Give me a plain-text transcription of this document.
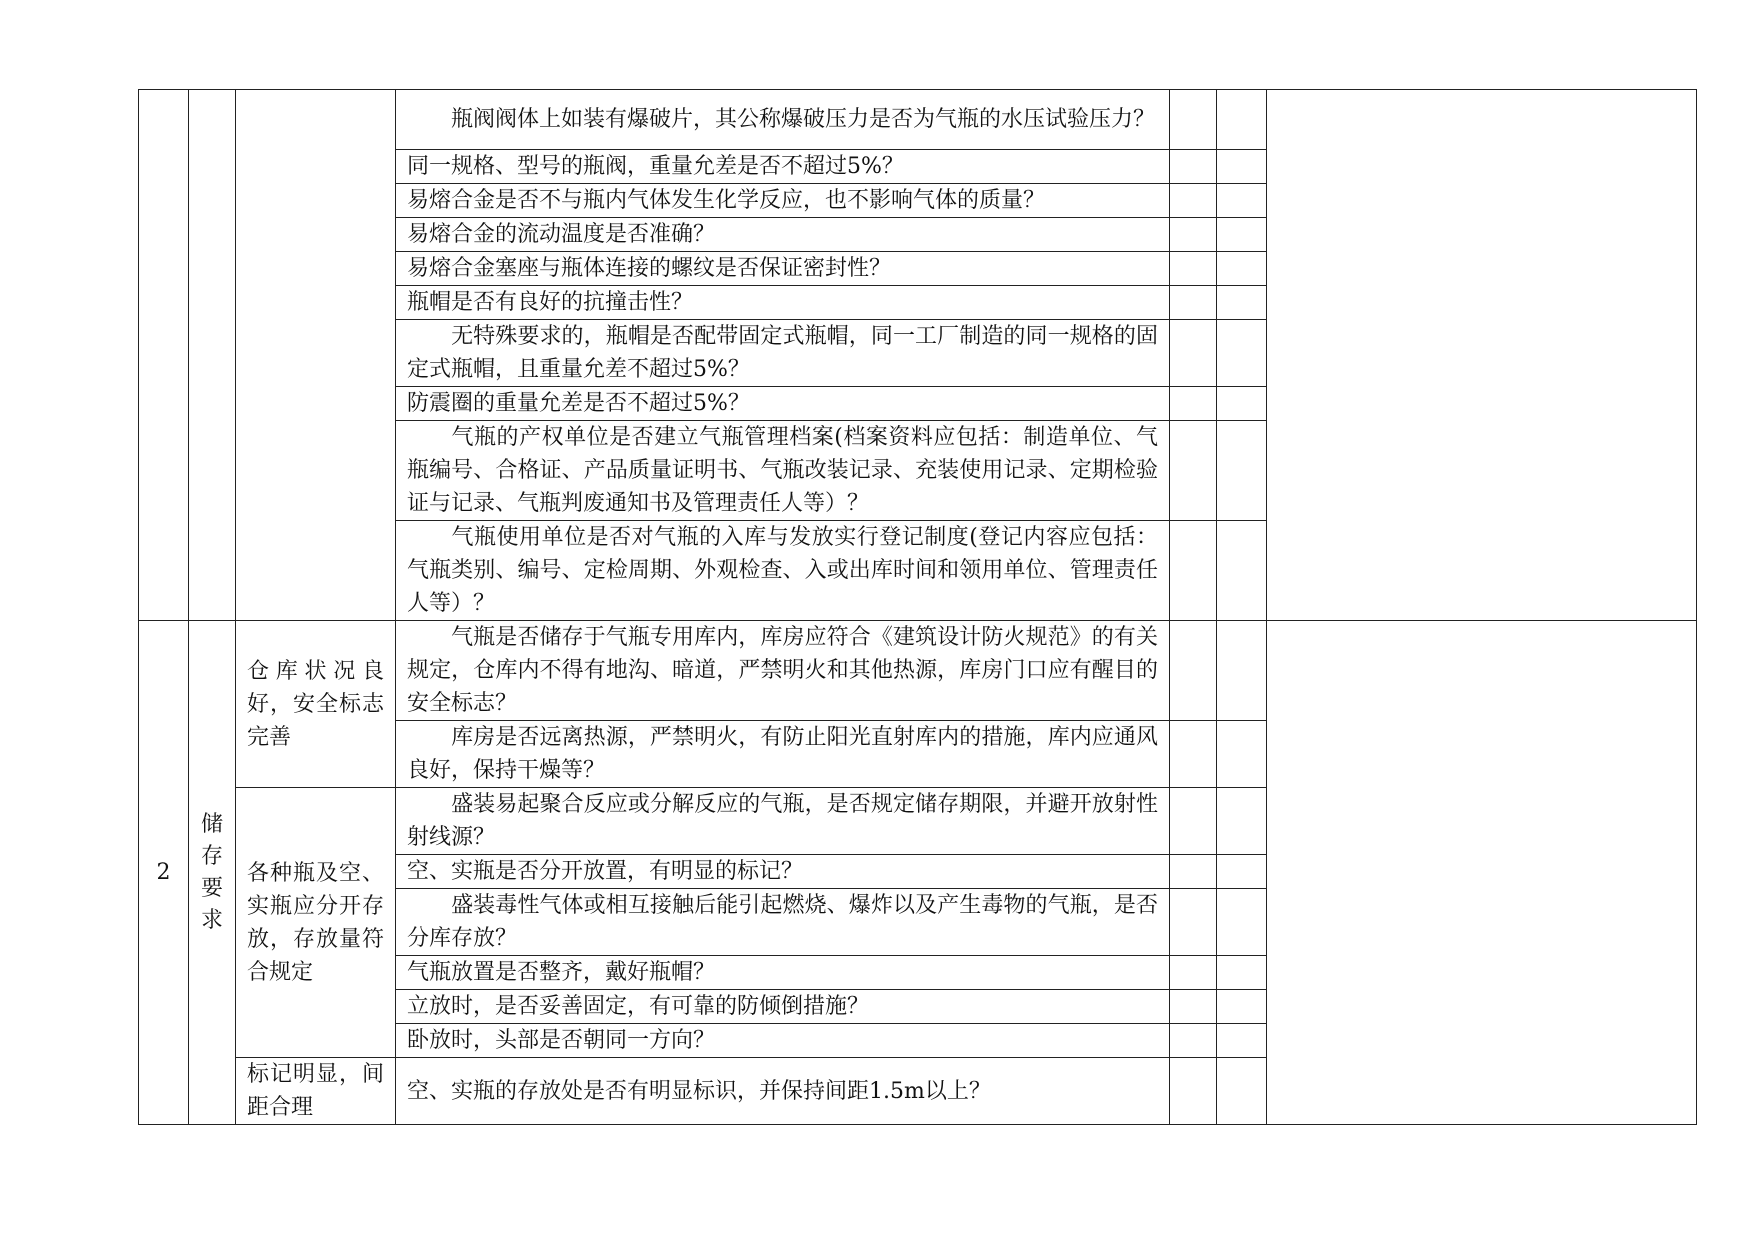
			瓶阀阀体上如装有爆破片，其公称爆破压力是否为气瓶的水压试验压力？			
			同一规格、型号的瓶阀，重量允差是否不超过5%？			
			易熔合金是否不与瓶内气体发生化学反应，也不影响气体的质量？			
			易熔合金的流动温度是否准确？			
			易熔合金塞座与瓶体连接的螺纹是否保证密封性？			
			瓶帽是否有良好的抗撞击性？			
			无特殊要求的，瓶帽是否配带固定式瓶帽，同一工厂制造的同一规格的固定式瓶帽，且重量允差不超过5%？			
			防震圈的重量允差是否不超过5%？			
			气瓶的产权单位是否建立气瓶管理档案(档案资料应包括：制造单位、气瓶编号、合格证、产品质量证明书、气瓶改装记录、充装使用记录、定期检验证与记录、气瓶判废通知书及管理责任人等）？			
			气瓶使用单位是否对气瓶的入库与发放实行登记制度(登记内容应包括：气瓶类别、编号、定检周期、外观检查、入或出库时间和领用单位、管理责任人等）？			
2	储存要求	仓库状况良好，安全标志完善	气瓶是否储存于气瓶专用库内，库房应符合《建筑设计防火规范》的有关规定，仓库内不得有地沟、暗道，严禁明火和其他热源，库房门口应有醒目的安全标志？			
			库房是否远离热源，严禁明火，有防止阳光直射库内的措施，库内应通风良好，保持干燥等？			
		各种瓶及空、实瓶应分开存放，存放量符合规定	盛装易起聚合反应或分解反应的气瓶，是否规定储存期限，并避开放射性射线源？			
			空、实瓶是否分开放置，有明显的标记？			
			盛装毒性气体或相互接触后能引起燃烧、爆炸以及产生毒物的气瓶，是否分库存放？			
			气瓶放置是否整齐，戴好瓶帽？			
			立放时，是否妥善固定，有可靠的防倾倒措施？			
			卧放时，头部是否朝同一方向？			
		标记明显，间距合理	空、实瓶的存放处是否有明显标识，并保持间距1.5m以上？			
